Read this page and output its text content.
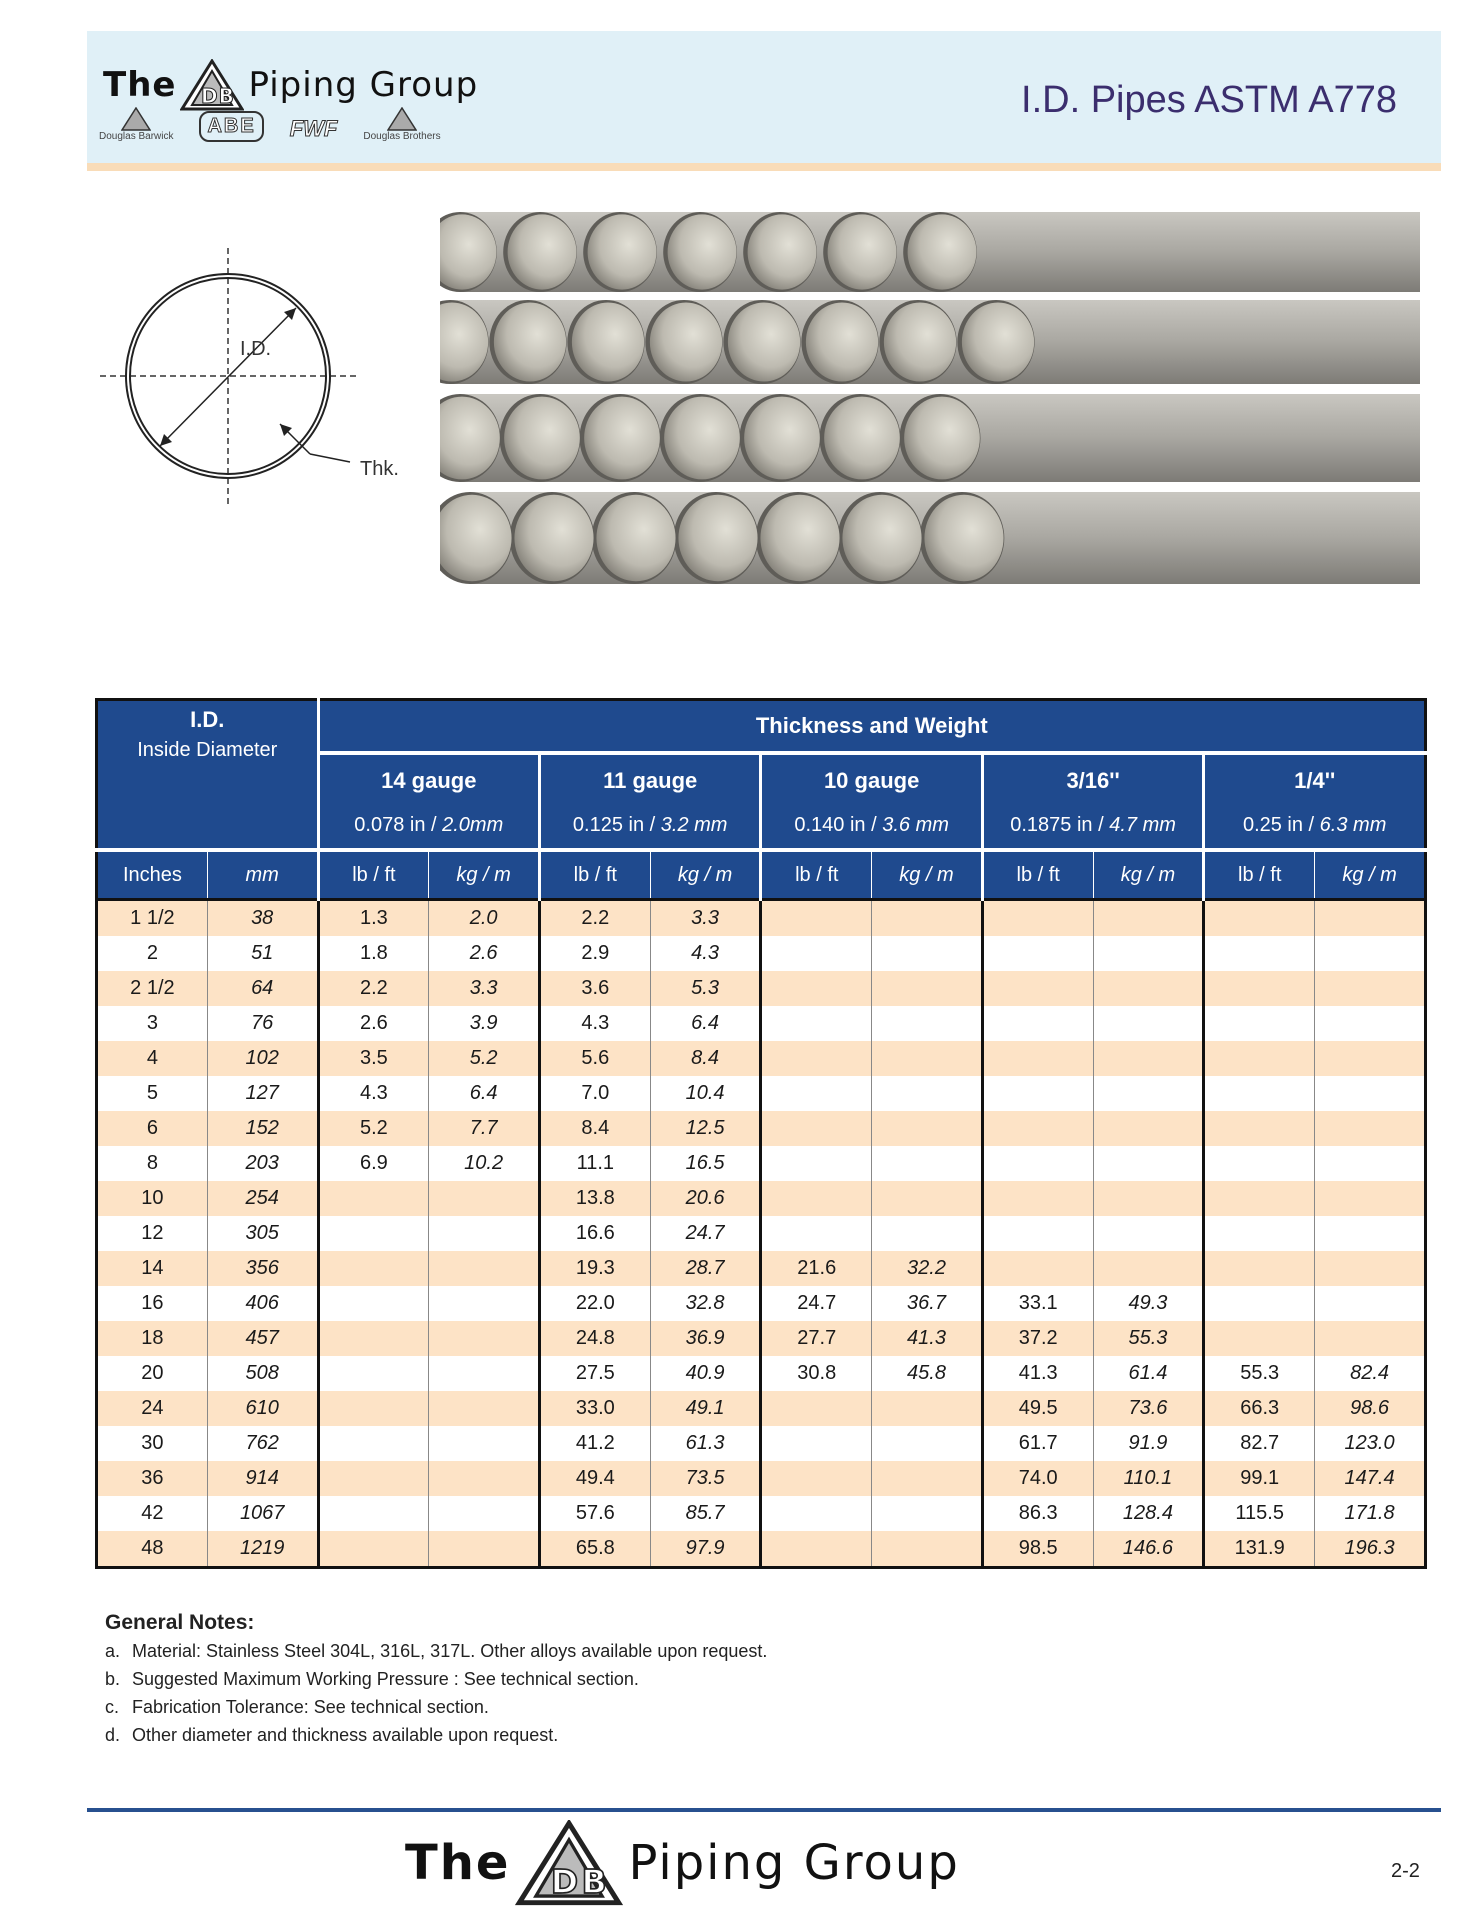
The DB Piping Group
Douglas Barwick	ABE	FWF	Douglas Brothers
I.D. Pipes ASTM A778
I.D.
Thk.
I.D.
Inside Diameter		Thickness and Weight									
		14 gauge		11 gauge		10 gauge		3/16''		1/4''	
		0.078 in / 2.0mm		0.125 in / 3.2 mm		0.140 in / 3.6 mm		0.1875 in / 4.7 mm		0.25 in / 6.3 mm	
Inches	mm	lb / ft	kg / m	lb / ft	kg / m	lb / ft	kg / m	lb / ft	kg / m	lb / ft	kg / m
1 1/2	38	1.3	2.0	2.2	3.3						
2	51	1.8	2.6	2.9	4.3						
2 1/2	64	2.2	3.3	3.6	5.3						
3	76	2.6	3.9	4.3	6.4						
4	102	3.5	5.2	5.6	8.4						
5	127	4.3	6.4	7.0	10.4						
6	152	5.2	7.7	8.4	12.5						
8	203	6.9	10.2	11.1	16.5						
10	254			13.8	20.6						
12	305			16.6	24.7						
14	356			19.3	28.7	21.6	32.2				
16	406			22.0	32.8	24.7	36.7	33.1	49.3		
18	457			24.8	36.9	27.7	41.3	37.2	55.3		
20	508			27.5	40.9	30.8	45.8	41.3	61.4	55.3	82.4
24	610			33.0	49.1			49.5	73.6	66.3	98.6
30	762			41.2	61.3			61.7	91.9	82.7	123.0
36	914			49.4	73.5			74.0	110.1	99.1	147.4
42	1067			57.6	85.7			86.3	128.4	115.5	171.8
48	1219			65.8	97.9			98.5	146.6	131.9	196.3
General Notes:
a. Material: Stainless Steel 304L, 316L, 317L. Other alloys available upon request.
b. Suggested Maximum Working Pressure : See technical section.
c. Fabrication Tolerance: See technical section.
d. Other diameter and thickness available upon request.
The DB Piping Group	2-2
